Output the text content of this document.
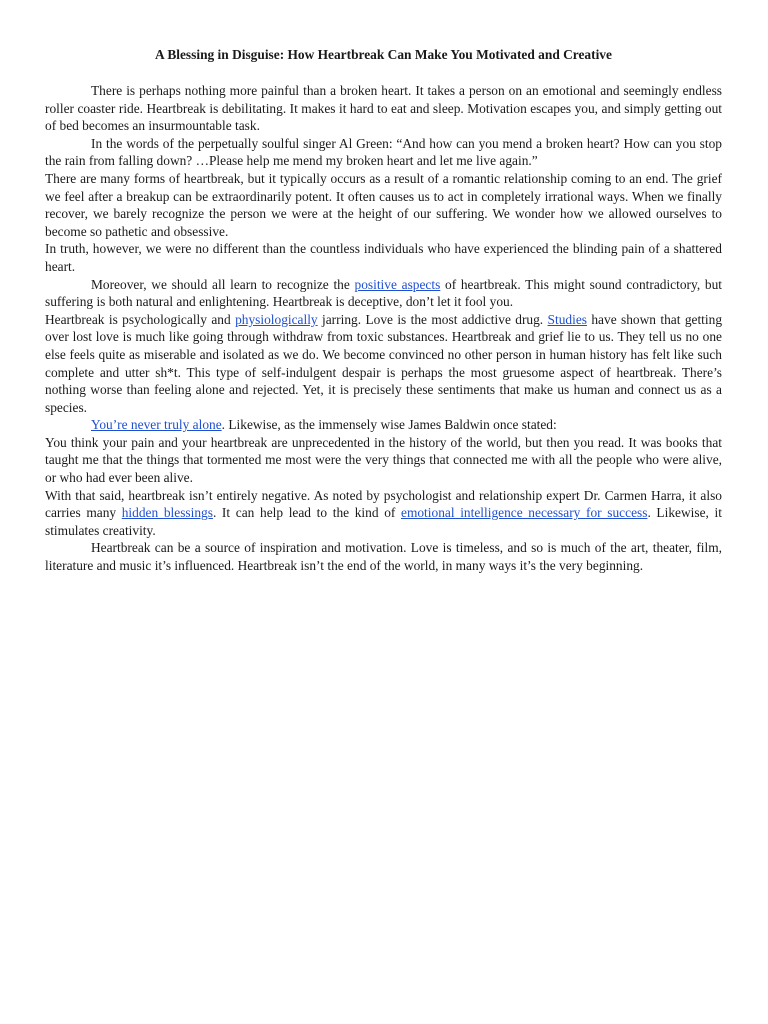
A Blessing in Disguise: How Heartbreak Can Make You Motivated and Creative

There is perhaps nothing more painful than a broken heart. It takes a person on an emotional and seemingly endless roller coaster ride. Heartbreak is debilitating. It makes it hard to eat and sleep. Motivation escapes you, and simply getting out of bed becomes an insurmountable task.

In the words of the perpetually soulful singer Al Green: “And how can you mend a broken heart? How can you stop the rain from falling down? …Please help me mend my broken heart and let me live again.”

There are many forms of heartbreak, but it typically occurs as a result of a romantic relationship coming to an end. The grief we feel after a breakup can be extraordinarily potent. It often causes us to act in completely irrational ways. When we finally recover, we barely recognize the person we were at the height of our suffering. We wonder how we allowed ourselves to become so pathetic and obsessive.

In truth, however, we were no different than the countless individuals who have experienced the blinding pain of a shattered heart.

Moreover, we should all learn to recognize the positive aspects of heartbreak. This might sound contradictory, but suffering is both natural and enlightening. Heartbreak is deceptive, don’t let it fool you.

Heartbreak is psychologically and physiologically jarring. Love is the most addictive drug. Studies have shown that getting over lost love is much like going through withdraw from toxic substances. Heartbreak and grief lie to us. They tell us no one else feels quite as miserable and isolated as we do. We become convinced no other person in human history has felt like such complete and utter sh*t. This type of self-indulgent despair is perhaps the most gruesome aspect of heartbreak. There’s nothing worse than feeling alone and rejected. Yet, it is precisely these sentiments that make us human and connect us as a species.

You’re never truly alone. Likewise, as the immensely wise James Baldwin once stated:

You think your pain and your heartbreak are unprecedented in the history of the world, but then you read. It was books that taught me that the things that tormented me most were the very things that connected me with all the people who were alive, or who had ever been alive.

With that said, heartbreak isn’t entirely negative. As noted by psychologist and relationship expert Dr. Carmen Harra, it also carries many hidden blessings. It can help lead to the kind of emotional intelligence necessary for success. Likewise, it stimulates creativity.

Heartbreak can be a source of inspiration and motivation. Love is timeless, and so is much of the art, theater, film, literature and music it’s influenced. Heartbreak isn’t the end of the world, in many ways it’s the very beginning.
